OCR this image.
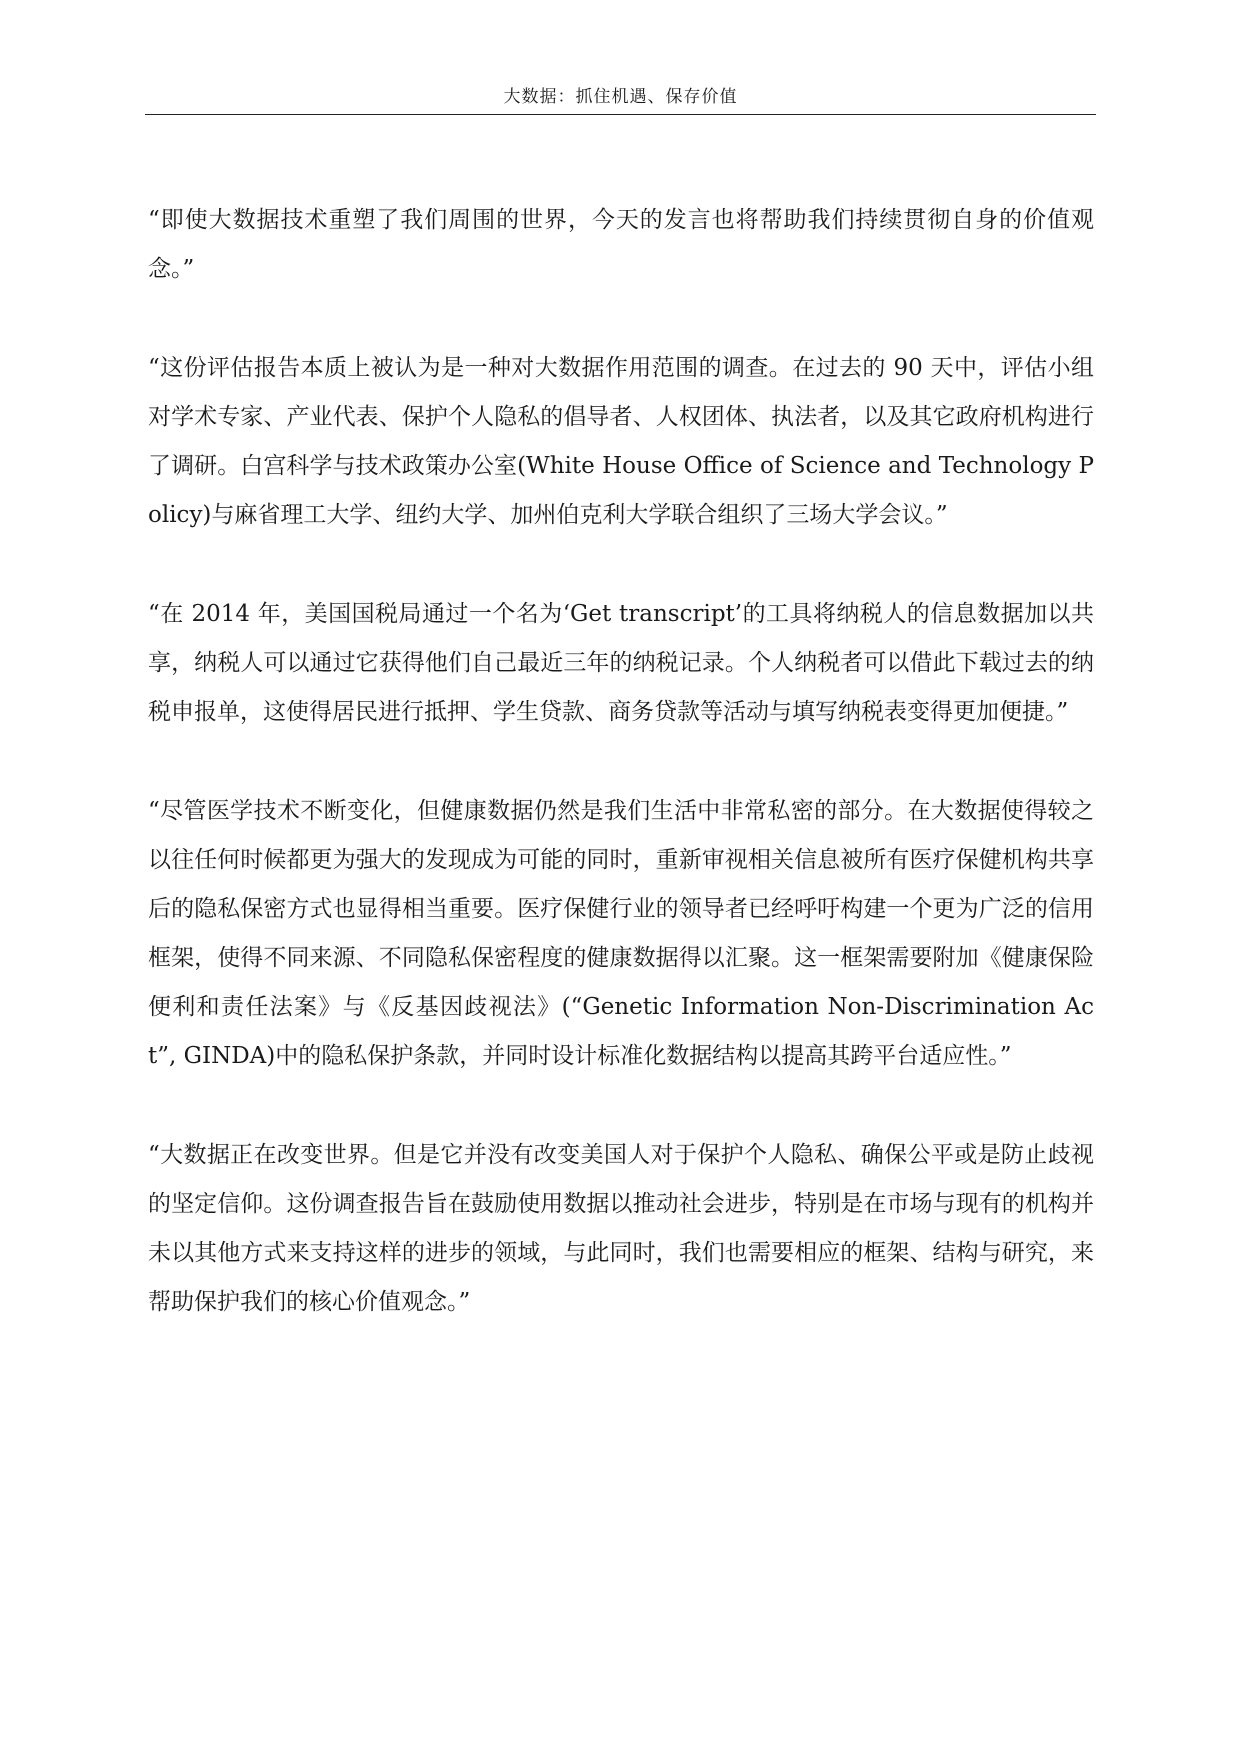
大数据：抓住机遇、保存价值

“即使大数据技术重塑了我们周围的世界，今天的发言也将帮助我们持续贯彻自身的价值观念。”

“这份评估报告本质上被认为是一种对大数据作用范围的调查。在过去的 90 天中，评估小组对学术专家、产业代表、保护个人隐私的倡导者、人权团体、执法者，以及其它政府机构进行了调研。白宫科学与技术政策办公室(White House Office of Science and Technology Policy)与麻省理工大学、纽约大学、加州伯克利大学联合组织了三场大学会议。”

“在 2014 年，美国国税局通过一个名为‘Get transcript’的工具将纳税人的信息数据加以共享，纳税人可以通过它获得他们自己最近三年的纳税记录。个人纳税者可以借此下载过去的纳税申报单，这使得居民进行抵押、学生贷款、商务贷款等活动与填写纳税表变得更加便捷。”

“尽管医学技术不断变化，但健康数据仍然是我们生活中非常私密的部分。在大数据使得较之以往任何时候都更为强大的发现成为可能的同时，重新审视相关信息被所有医疗保健机构共享后的隐私保密方式也显得相当重要。医疗保健行业的领导者已经呼吁构建一个更为广泛的信用框架，使得不同来源、不同隐私保密程度的健康数据得以汇聚。这一框架需要附加《健康保险便利和责任法案》与《反基因歧视法》(“Genetic Information Non-Discrimination Act”, GINDA)中的隐私保护条款，并同时设计标准化数据结构以提高其跨平台适应性。”

“大数据正在改变世界。但是它并没有改变美国人对于保护个人隐私、确保公平或是防止歧视的坚定信仰。这份调查报告旨在鼓励使用数据以推动社会进步，特别是在市场与现有的机构并未以其他方式来支持这样的进步的领域，与此同时，我们也需要相应的框架、结构与研究，来帮助保护我们的核心价值观念。”
